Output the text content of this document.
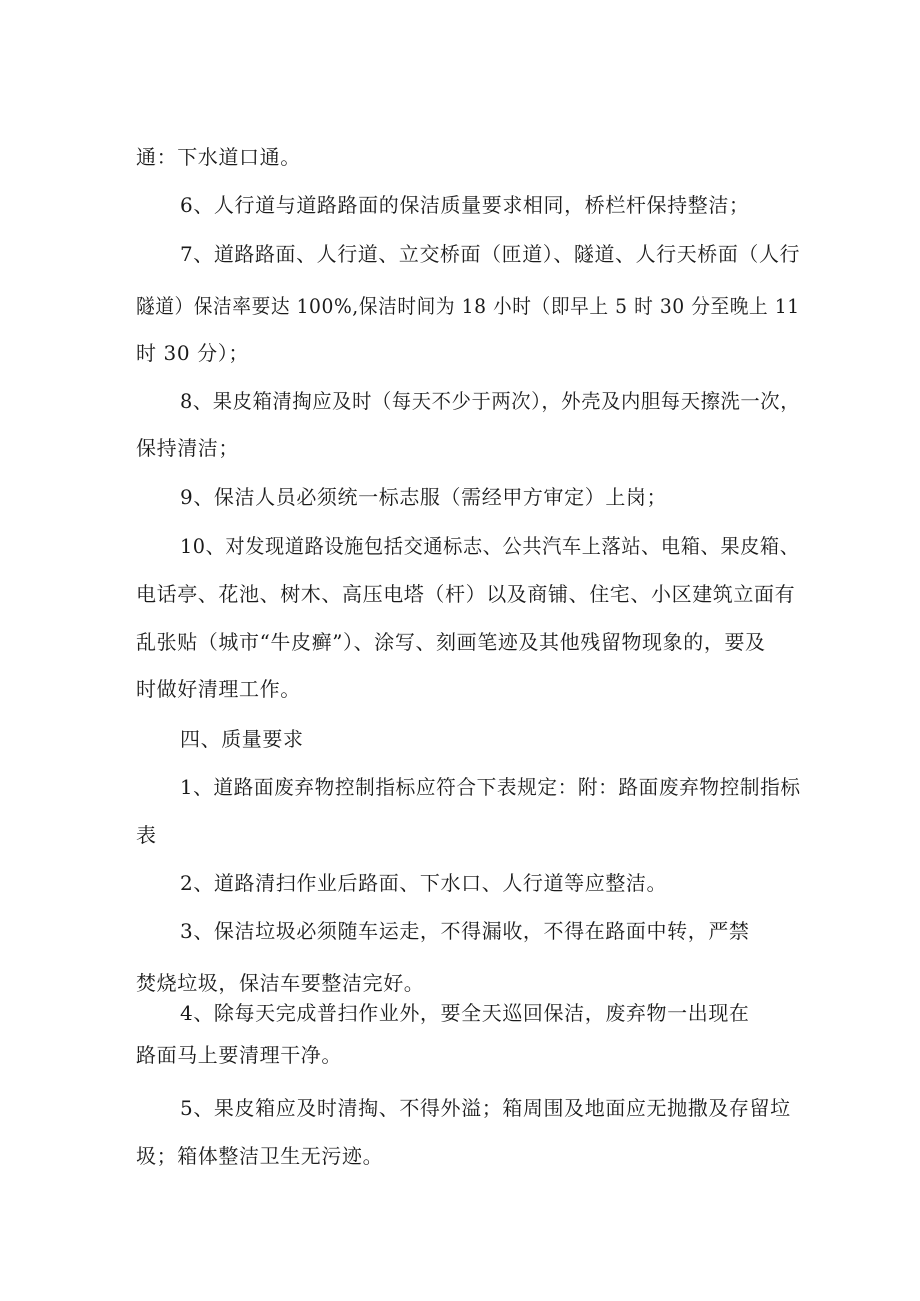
通：下水道口通。
6、人行道与道路路面的保洁质量要求相同，桥栏杆保持整洁；
7、道路路面、人行道、立交桥面（匝道）、隧道、人行天桥面（人行
隧道）保洁率要达 100%,保洁时间为 18 小时（即早上 5 时 30 分至晚上 11
时 30 分）；
8、果皮箱清掏应及时（每天不少于两次），外壳及内胆每天擦洗一次，
保持清洁；
9、保洁人员必须统一标志服（需经甲方审定）上岗；
10、对发现道路设施包括交通标志、公共汽车上落站、电箱、果皮箱、
电话亭、花池、树木、高压电塔（杆）以及商铺、住宅、小区建筑立面有
乱张贴（城市“牛皮癣”）、涂写、刻画笔迹及其他残留物现象的，要及
时做好清理工作。
四、质量要求
1、道路面废弃物控制指标应符合下表规定：附：路面废弃物控制指标
表
2、道路清扫作业后路面、下水口、人行道等应整洁。
3、保洁垃圾必须随车运走，不得漏收，不得在路面中转，严禁
焚烧垃圾，保洁车要整洁完好。
4、除每天完成普扫作业外，要全天巡回保洁，废弃物一出现在
路面马上要清理干净。
5、果皮箱应及时清掏、不得外溢；箱周围及地面应无抛撒及存留垃
圾；箱体整洁卫生无污迹。
